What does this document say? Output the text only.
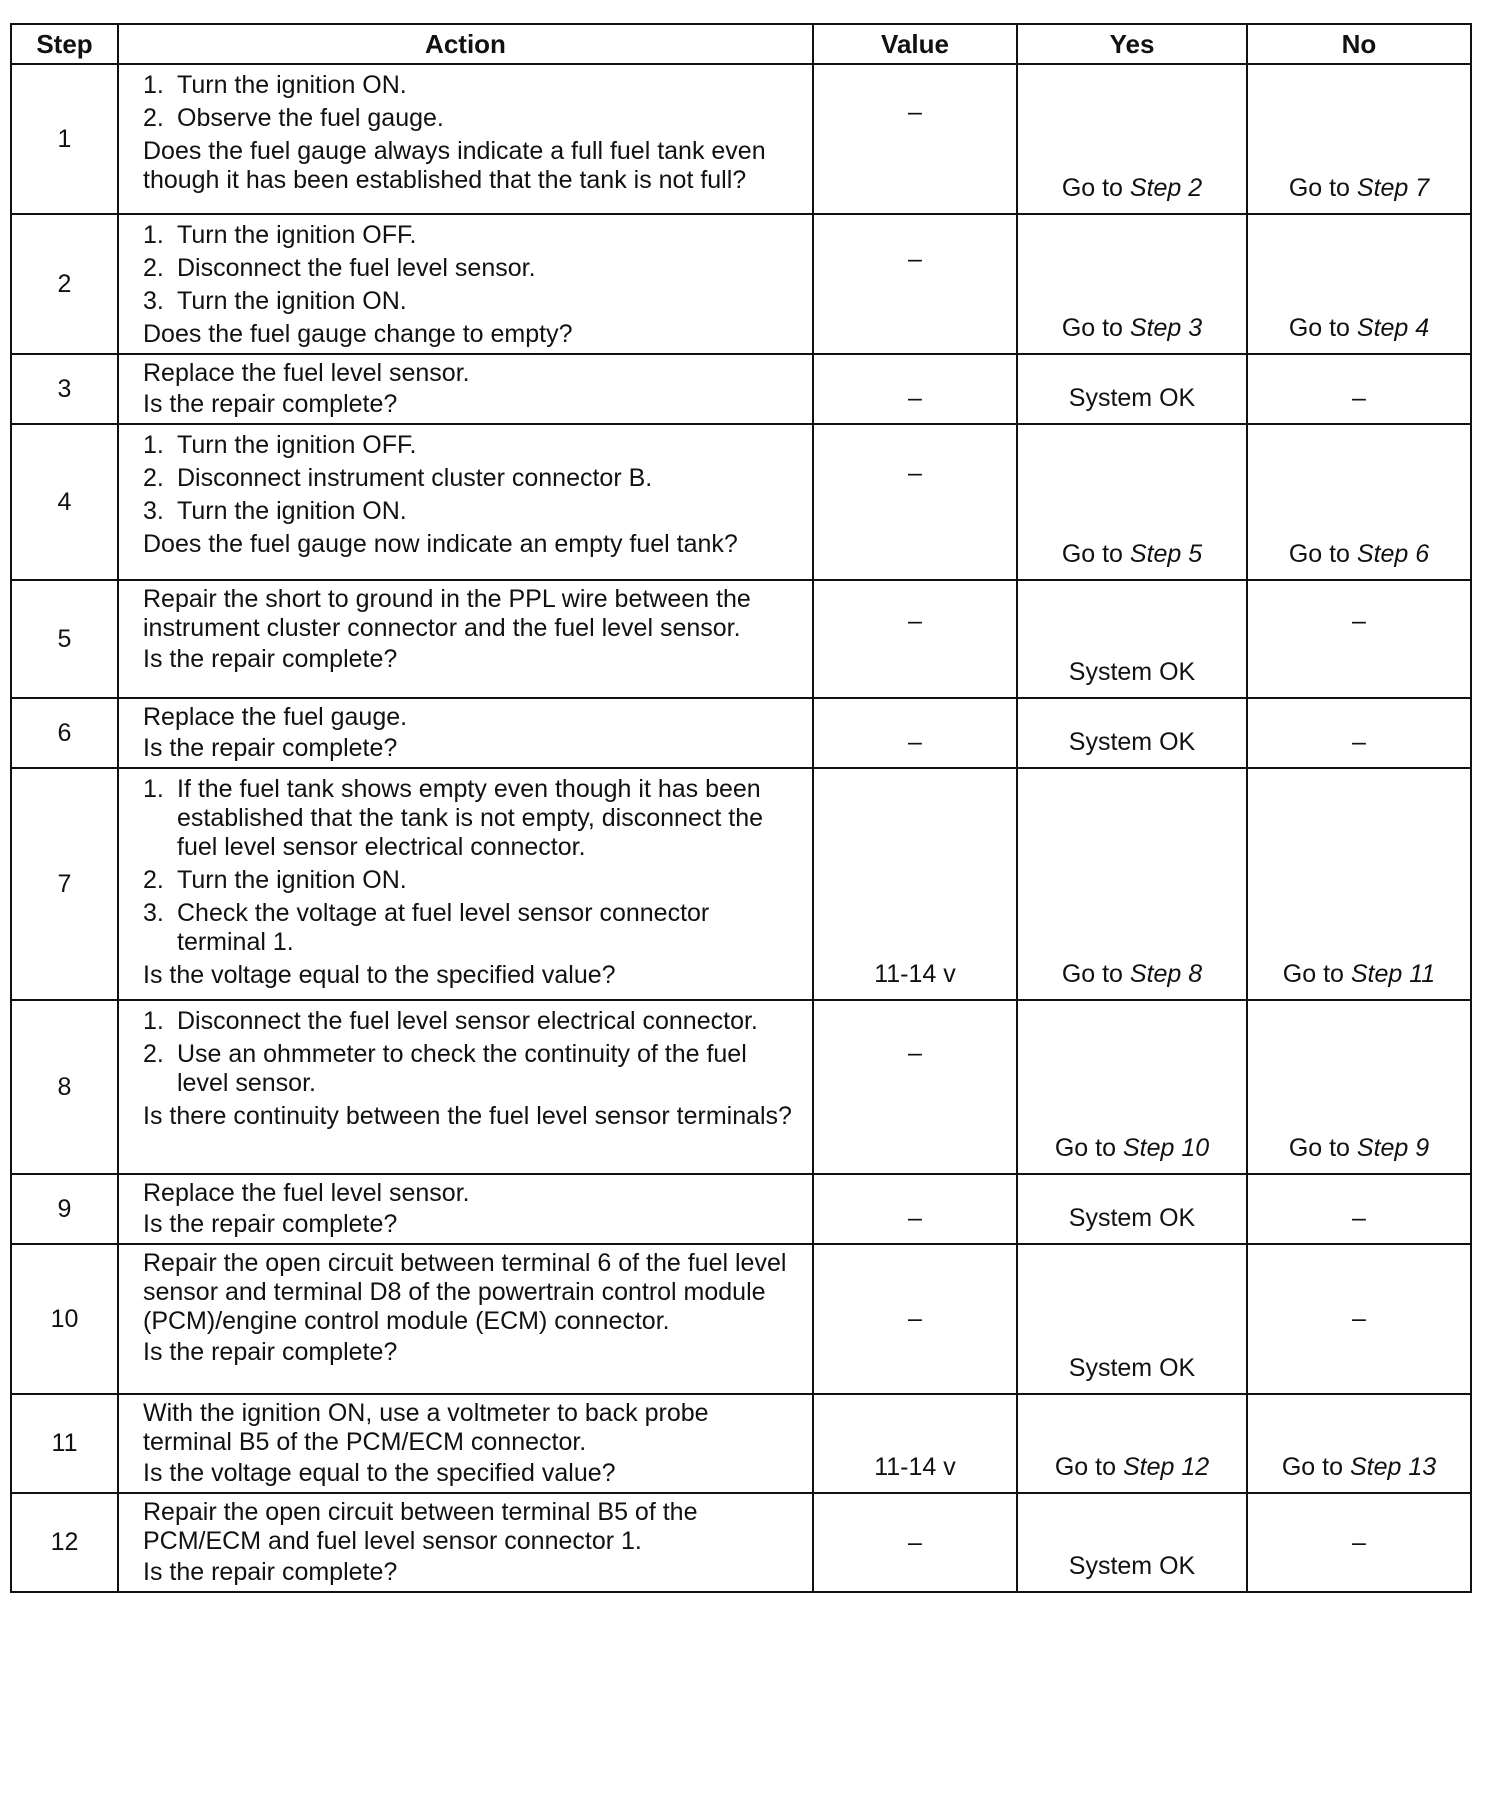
Step	Action	Value	Yes	No
1	1. Turn the ignition ON.
2. Observe the fuel gauge.
Does the fuel gauge always indicate a full fuel tank even though it has been established that the tank is not full?	–	Go to Step 2	Go to Step 7

2	1. Turn the ignition OFF.
2. Disconnect the fuel level sensor.
3. Turn the ignition ON.
Does the fuel gauge change to empty?	–	Go to Step 3	Go to Step 4

3	Replace the fuel level sensor.
Is the repair complete?	–	System OK	–

4	1. Turn the ignition OFF.
2. Disconnect instrument cluster connector B.
3. Turn the ignition ON.
Does the fuel gauge now indicate an empty fuel tank?	–	Go to Step 5	Go to Step 6

5	Repair the short to ground in the PPL wire between the instrument cluster connector and the fuel level sensor.
Is the repair complete?	–	System OK	–

6	Replace the fuel gauge.
Is the repair complete?	–	System OK	–

7	1. If the fuel tank shows empty even though it has been established that the tank is not empty, disconnect the fuel level sensor electrical connector.
2. Turn the ignition ON.
3. Check the voltage at fuel level sensor connector terminal 1.
Is the voltage equal to the specified value?	11-14 v	Go to Step 8	Go to Step 11

8	1. Disconnect the fuel level sensor electrical connector.
2. Use an ohmmeter to check the continuity of the fuel level sensor.
Is there continuity between the fuel level sensor terminals?	–	Go to Step 10	Go to Step 9

9	Replace the fuel level sensor.
Is the repair complete?	–	System OK	–

10	Repair the open circuit between terminal 6 of the fuel level sensor and terminal D8 of the powertrain control module (PCM)/engine control module (ECM) connector.
Is the repair complete?	–	System OK	–

11	With the ignition ON, use a voltmeter to back probe terminal B5 of the PCM/ECM connector.
Is the voltage equal to the specified value?	11-14 v	Go to Step 12	Go to Step 13

12	Repair the open circuit between terminal B5 of the PCM/ECM and fuel level sensor connector 1.
Is the repair complete?	–	System OK	–
